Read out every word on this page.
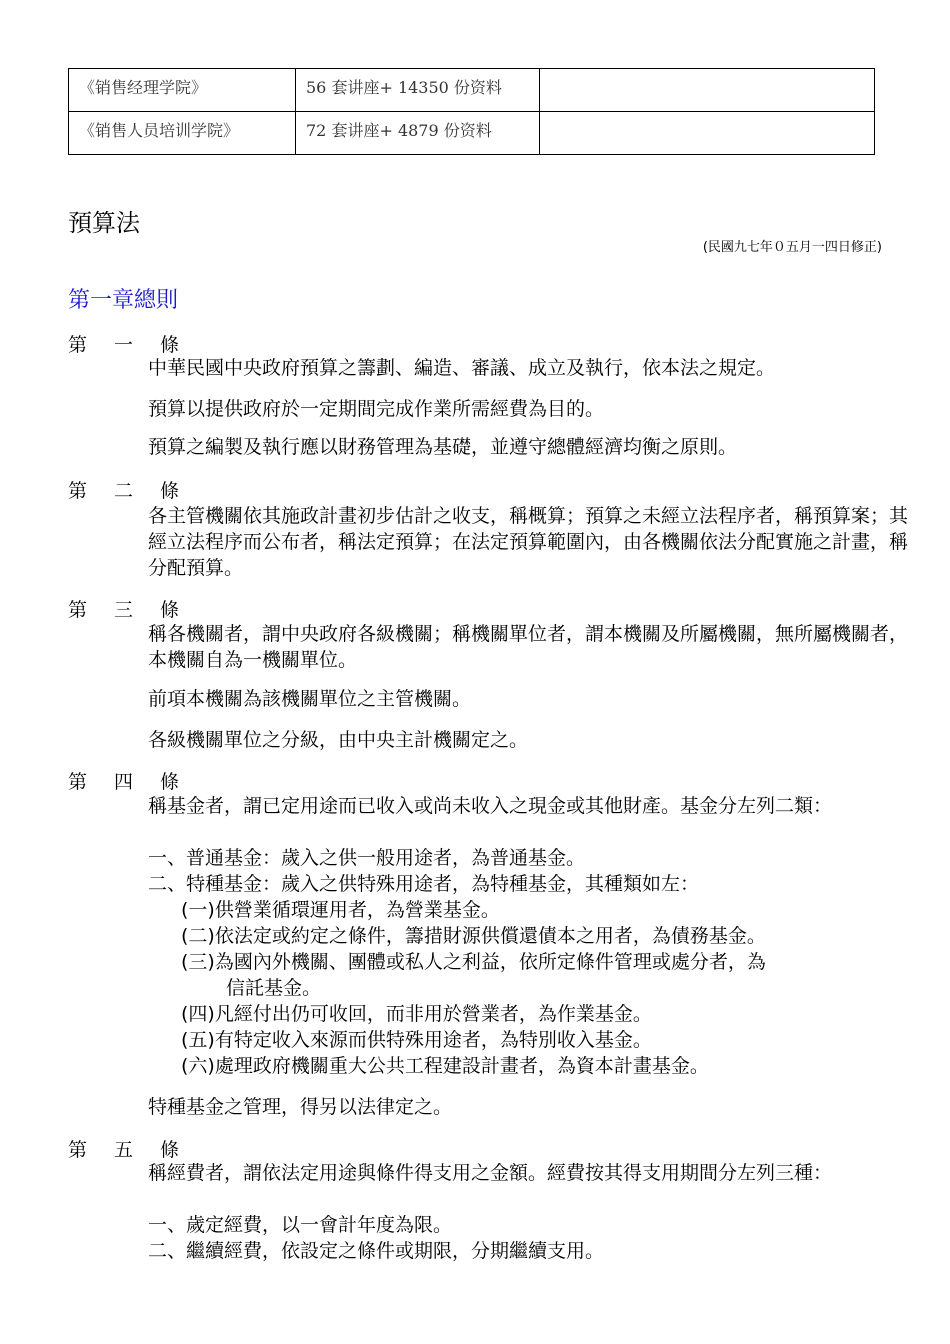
《销售经理学院》	56 套讲座+ 14350 份资料	
《销售人员培训学院》	72 套讲座+ 4879 份资料	
預算法
(民國九七年０五月一四日修正)
第一章總則
第 一 條

中華民國中央政府預算之籌劃、編造、審議、成立及執行，依本法之規定。

預算以提供政府於一定期間完成作業所需經費為目的。

預算之編製及執行應以財務管理為基礎，並遵守總體經濟均衡之原則。

第 二 條

各主管機關依其施政計畫初步估計之收支，稱概算；預算之未經立法程序者，稱預算案；其經立法程序而公布者，稱法定預算；在法定預算範圍內，由各機關依法分配實施之計畫，稱分配預算。

第 三 條

稱各機關者，謂中央政府各級機關；稱機關單位者，謂本機關及所屬機關，無所屬機關者，本機關自為一機關單位。

前項本機關為該機關單位之主管機關。

各級機關單位之分級，由中央主計機關定之。

第 四 條

稱基金者，謂已定用途而已收入或尚未收入之現金或其他財產。基金分左列二類：

一、普通基金：歲入之供一般用途者，為普通基金。
二、特種基金：歲入之供特殊用途者，為特種基金，其種類如左：
(一)供營業循環運用者，為營業基金。
(二)依法定或約定之條件，籌措財源供償還債本之用者，為債務基金。
(三)為國內外機關、團體或私人之利益，依所定條件管理或處分者，為
信託基金。
(四)凡經付出仍可收回，而非用於營業者，為作業基金。
(五)有特定收入來源而供特殊用途者，為特別收入基金。
(六)處理政府機關重大公共工程建設計畫者，為資本計畫基金。

特種基金之管理，得另以法律定之。

第 五 條

稱經費者，謂依法定用途與條件得支用之金額。經費按其得支用期間分左列三種：

一、歲定經費，以一會計年度為限。
二、繼續經費，依設定之條件或期限，分期繼續支用。
